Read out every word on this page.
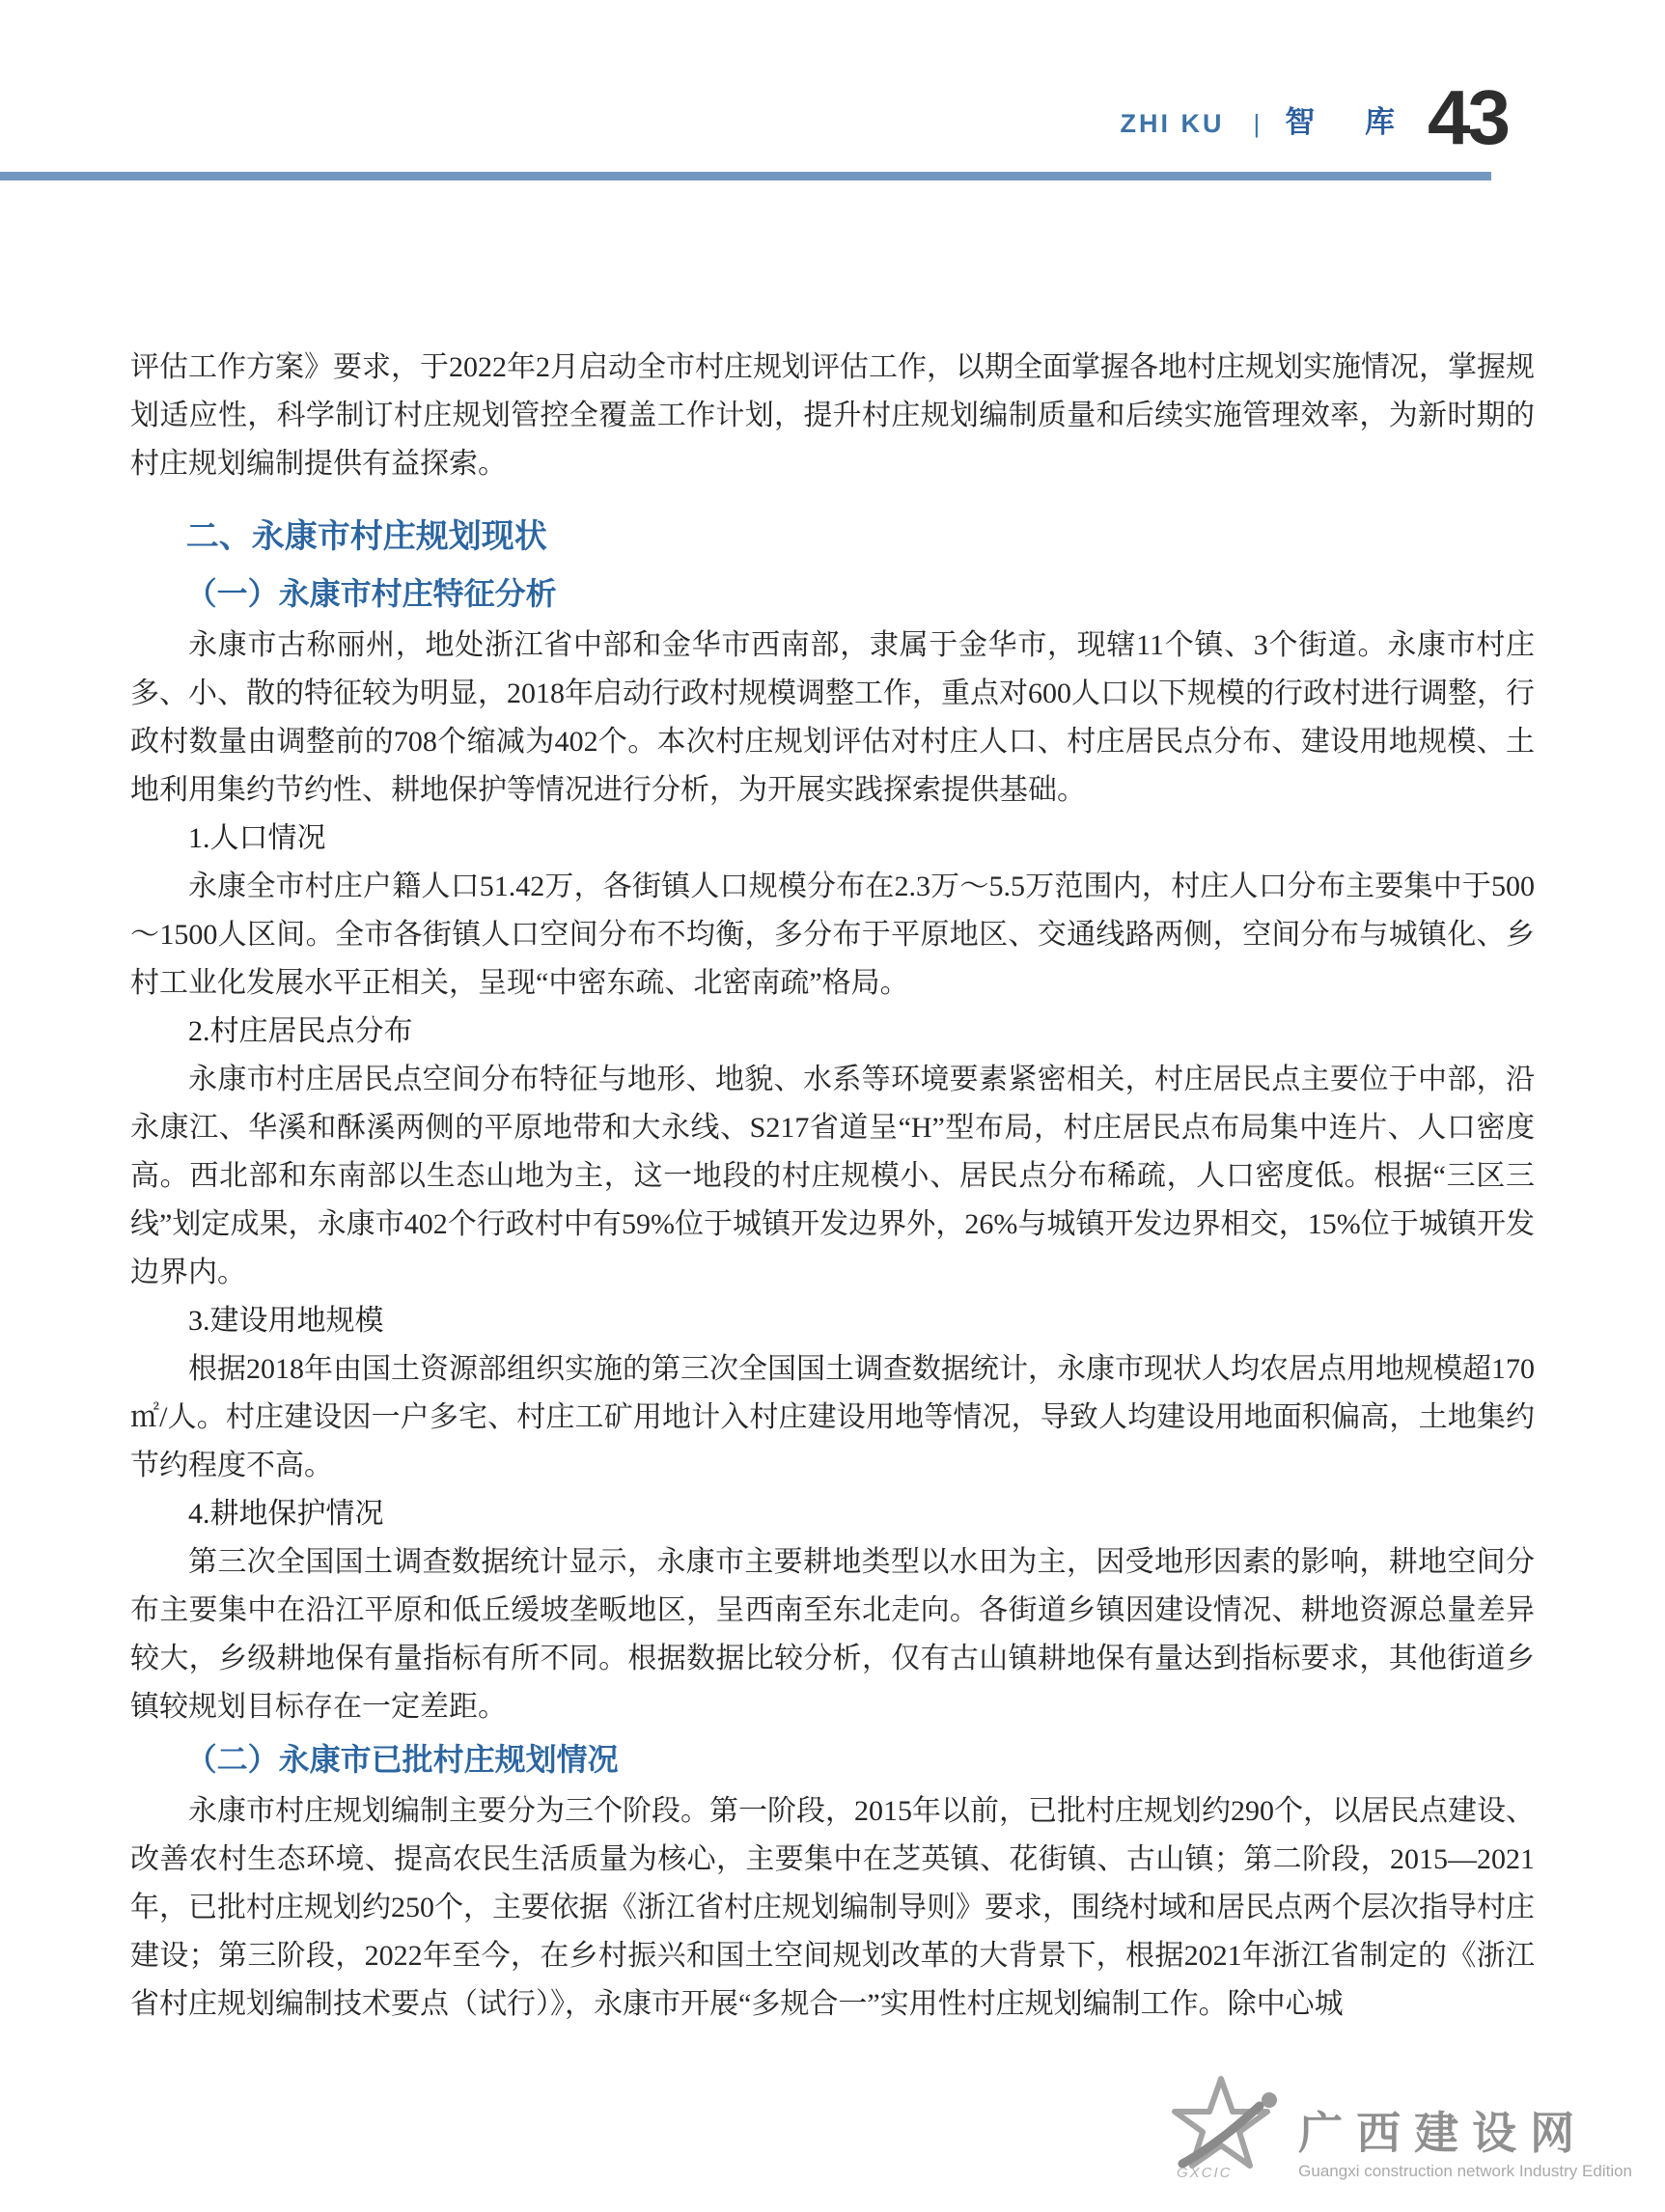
ZHI KU	| 智 库 43

评估工作方案》要求，于2022年2月启动全市村庄规划评估工作，以期全面掌握各地村庄规划实施情况，掌握规划适应性，科学制订村庄规划管控全覆盖工作计划，提升村庄规划编制质量和后续实施管理效率，为新时期的村庄规划编制提供有益探索。

二、永康市村庄规划现状
（一）永康市村庄特征分析

永康市古称丽州，地处浙江省中部和金华市西南部，隶属于金华市，现辖11个镇、3个街道。永康市村庄多、小、散的特征较为明显，2018年启动行政村规模调整工作，重点对600人口以下规模的行政村进行调整，行政村数量由调整前的708个缩减为402个。本次村庄规划评估对村庄人口、村庄居民点分布、建设用地规模、土地利用集约节约性、耕地保护等情况进行分析，为开展实践探索提供基础。

1.人口情况

永康全市村庄户籍人口51.42万，各街镇人口规模分布在2.3万～5.5万范围内，村庄人口分布主要集中于500～1500人区间。全市各街镇人口空间分布不均衡，多分布于平原地区、交通线路两侧，空间分布与城镇化、乡村工业化发展水平正相关，呈现“中密东疏、北密南疏”格局。

2.村庄居民点分布

永康市村庄居民点空间分布特征与地形、地貌、水系等环境要素紧密相关，村庄居民点主要位于中部，沿永康江、华溪和酥溪两侧的平原地带和大永线、S217省道呈“H”型布局，村庄居民点布局集中连片、人口密度高。西北部和东南部以生态山地为主，这一地段的村庄规模小、居民点分布稀疏，人口密度低。根据“三区三线”划定成果，永康市402个行政村中有59%位于城镇开发边界外，26%与城镇开发边界相交，15%位于城镇开发边界内。

3.建设用地规模

根据2018年由国土资源部组织实施的第三次全国国土调查数据统计，永康市现状人均农居点用地规模超170㎡/人。村庄建设因一户多宅、村庄工矿用地计入村庄建设用地等情况，导致人均建设用地面积偏高，土地集约节约程度不高。

4.耕地保护情况

第三次全国国土调查数据统计显示，永康市主要耕地类型以水田为主，因受地形因素的影响，耕地空间分布主要集中在沿江平原和低丘缓坡垄畈地区，呈西南至东北走向。各街道乡镇因建设情况、耕地资源总量差异较大，乡级耕地保有量指标有所不同。根据数据比较分析，仅有古山镇耕地保有量达到指标要求，其他街道乡镇较规划目标存在一定差距。

（二）永康市已批村庄规划情况

永康市村庄规划编制主要分为三个阶段。第一阶段，2015年以前，已批村庄规划约290个，以居民点建设、改善农村生态环境、提高农民生活质量为核心，主要集中在芝英镇、花街镇、古山镇；第二阶段，2015—2021年，已批村庄规划约250个，主要依据《浙江省村庄规划编制导则》要求，围绕村域和居民点两个层次指导村庄建设；第三阶段，2022年至今，在乡村振兴和国土空间规划改革的大背景下，根据2021年浙江省制定的《浙江省村庄规划编制技术要点（试行）》，永康市开展“多规合一”实用性村庄规划编制工作。除中心城

GXCIC
广西建设网
Guangxi construction network Industry Edition
